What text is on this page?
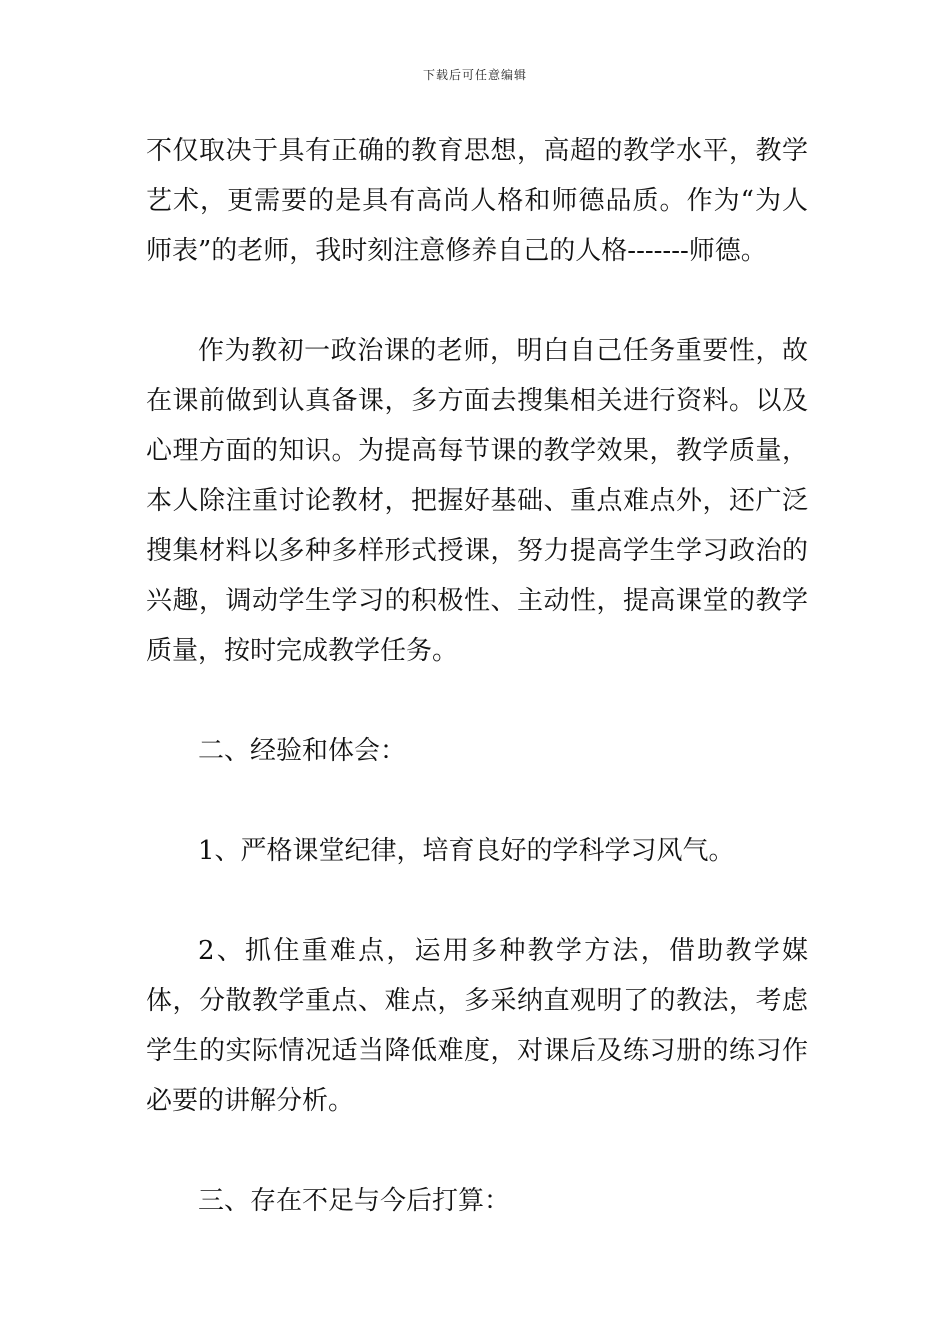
下载后可任意编辑

不仅取决于具有正确的教育思想，高超的教学水平，教学艺术，更需要的是具有高尚人格和师德品质。作为“为人师表”的老师，我时刻注意修养自己的人格-------师德。

作为教初一政治课的老师，明白自己任务重要性，故在课前做到认真备课，多方面去搜集相关进行资料。以及心理方面的知识。为提高每节课的教学效果，教学质量，本人除注重讨论教材，把握好基础、重点难点外，还广泛搜集材料以多种多样形式授课，努力提高学生学习政治的兴趣，调动学生学习的积极性、主动性，提高课堂的教学质量，按时完成教学任务。

二、经验和体会：

1、严格课堂纪律，培育良好的学科学习风气。

2、抓住重难点，运用多种教学方法，借助教学媒体，分散教学重点、难点，多采纳直观明了的教法，考虑学生的实际情况适当降低难度，对课后及练习册的练习作必要的讲解分析。

三、存在不足与今后打算：
